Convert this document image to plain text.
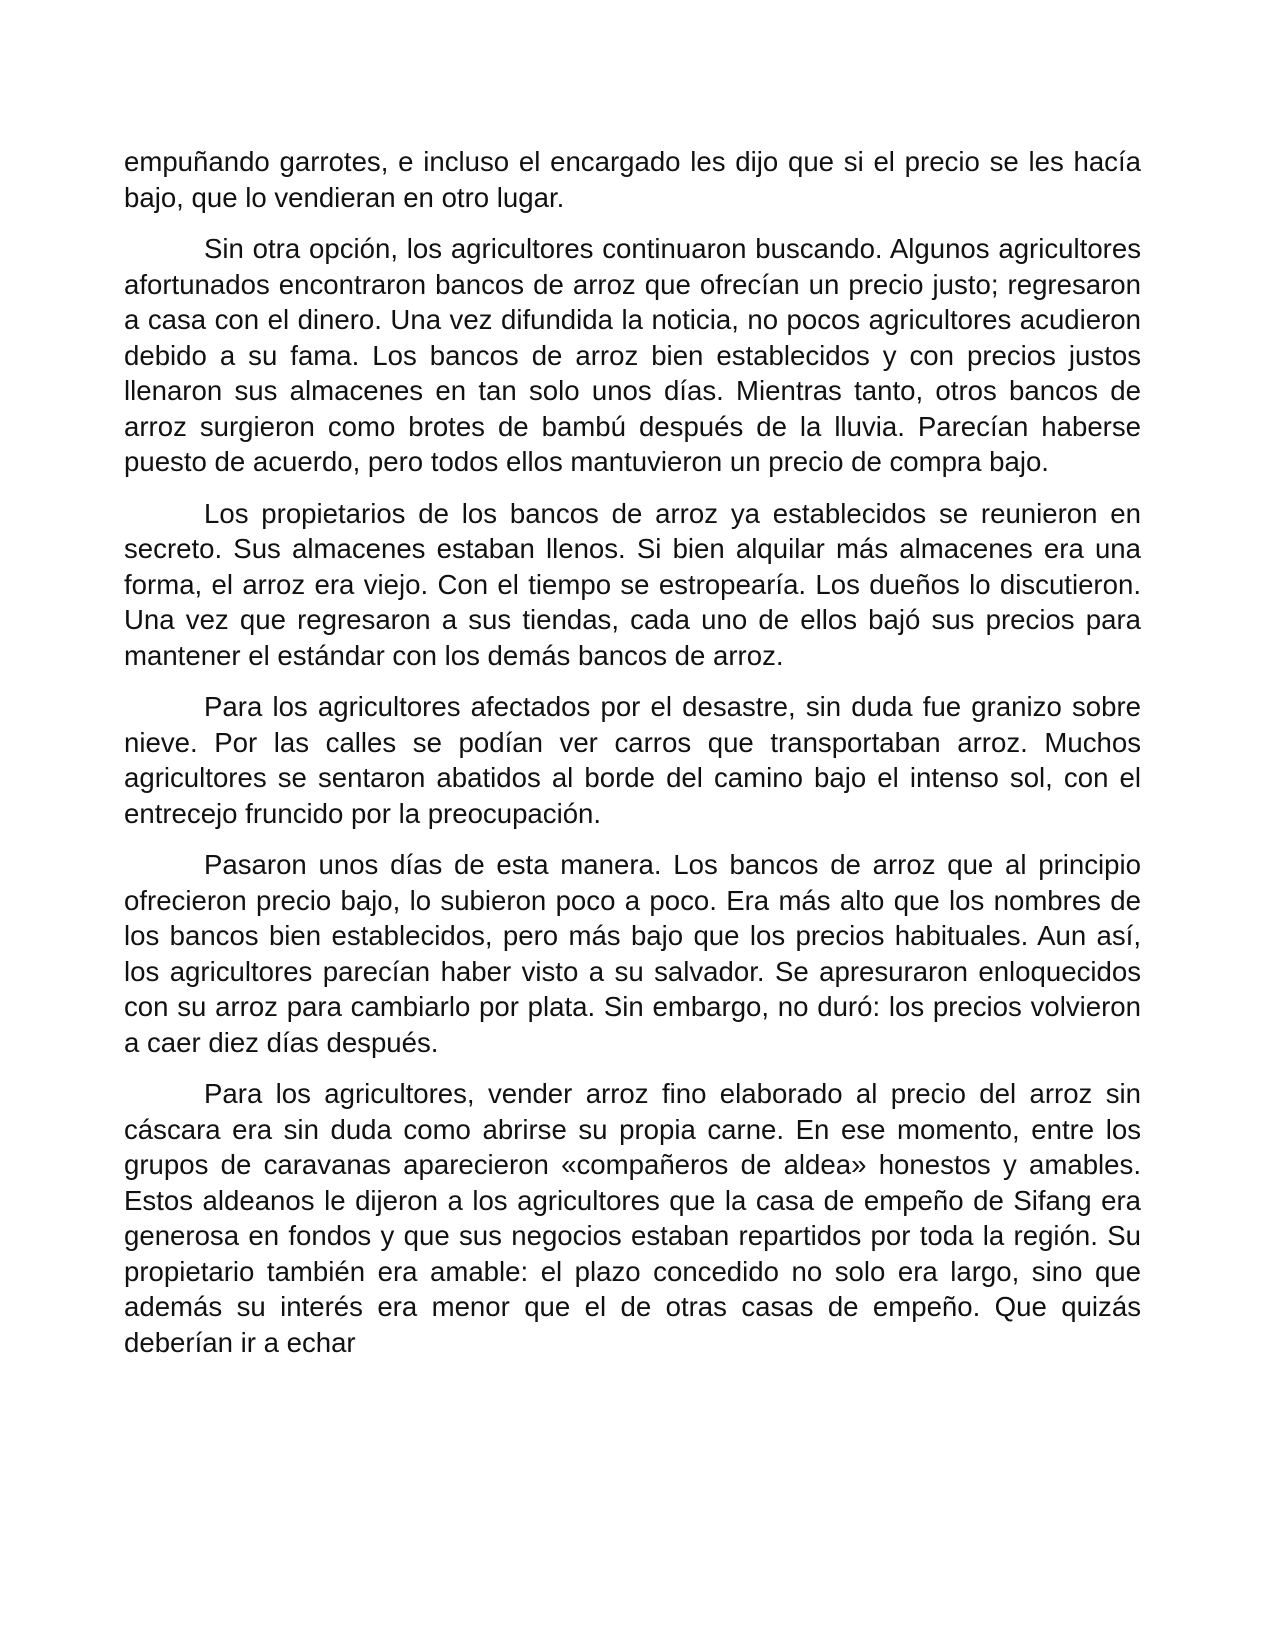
empuñando garrotes, e incluso el encargado les dijo que si el precio se les hacía bajo, que lo vendieran en otro lugar.

Sin otra opción, los agricultores continuaron buscando. Algunos agricultores afortunados encontraron bancos de arroz que ofrecían un precio justo; regresaron a casa con el dinero. Una vez difundida la noticia, no pocos agricultores acudieron debido a su fama. Los bancos de arroz bien establecidos y con precios justos llenaron sus almacenes en tan solo unos días. Mientras tanto, otros bancos de arroz surgieron como brotes de bambú después de la lluvia. Parecían haberse puesto de acuerdo, pero todos ellos mantuvieron un precio de compra bajo.

Los propietarios de los bancos de arroz ya establecidos se reunieron en secreto. Sus almacenes estaban llenos. Si bien alquilar más almacenes era una forma, el arroz era viejo. Con el tiempo se estropearía. Los dueños lo discutieron. Una vez que regresaron a sus tiendas, cada uno de ellos bajó sus precios para mantener el estándar con los demás bancos de arroz.

Para los agricultores afectados por el desastre, sin duda fue granizo sobre nieve. Por las calles se podían ver carros que transportaban arroz. Muchos agricultores se sentaron abatidos al borde del camino bajo el intenso sol, con el entrecejo fruncido por la preocupación.

Pasaron unos días de esta manera. Los bancos de arroz que al principio ofrecieron precio bajo, lo subieron poco a poco. Era más alto que los nombres de los bancos bien establecidos, pero más bajo que los precios habituales. Aun así, los agricultores parecían haber visto a su salvador. Se apresuraron enloquecidos con su arroz para cambiarlo por plata. Sin embargo, no duró: los precios volvieron a caer diez días después.

Para los agricultores, vender arroz fino elaborado al precio del arroz sin cáscara era sin duda como abrirse su propia carne. En ese momento, entre los grupos de caravanas aparecieron «compañeros de aldea» honestos y amables. Estos aldeanos le dijeron a los agricultores que la casa de empeño de Sifang era generosa en fondos y que sus negocios estaban repartidos por toda la región. Su propietario también era amable: el plazo concedido no solo era largo, sino que además su interés era menor que el de otras casas de empeño. Que quizás deberían ir a echar
